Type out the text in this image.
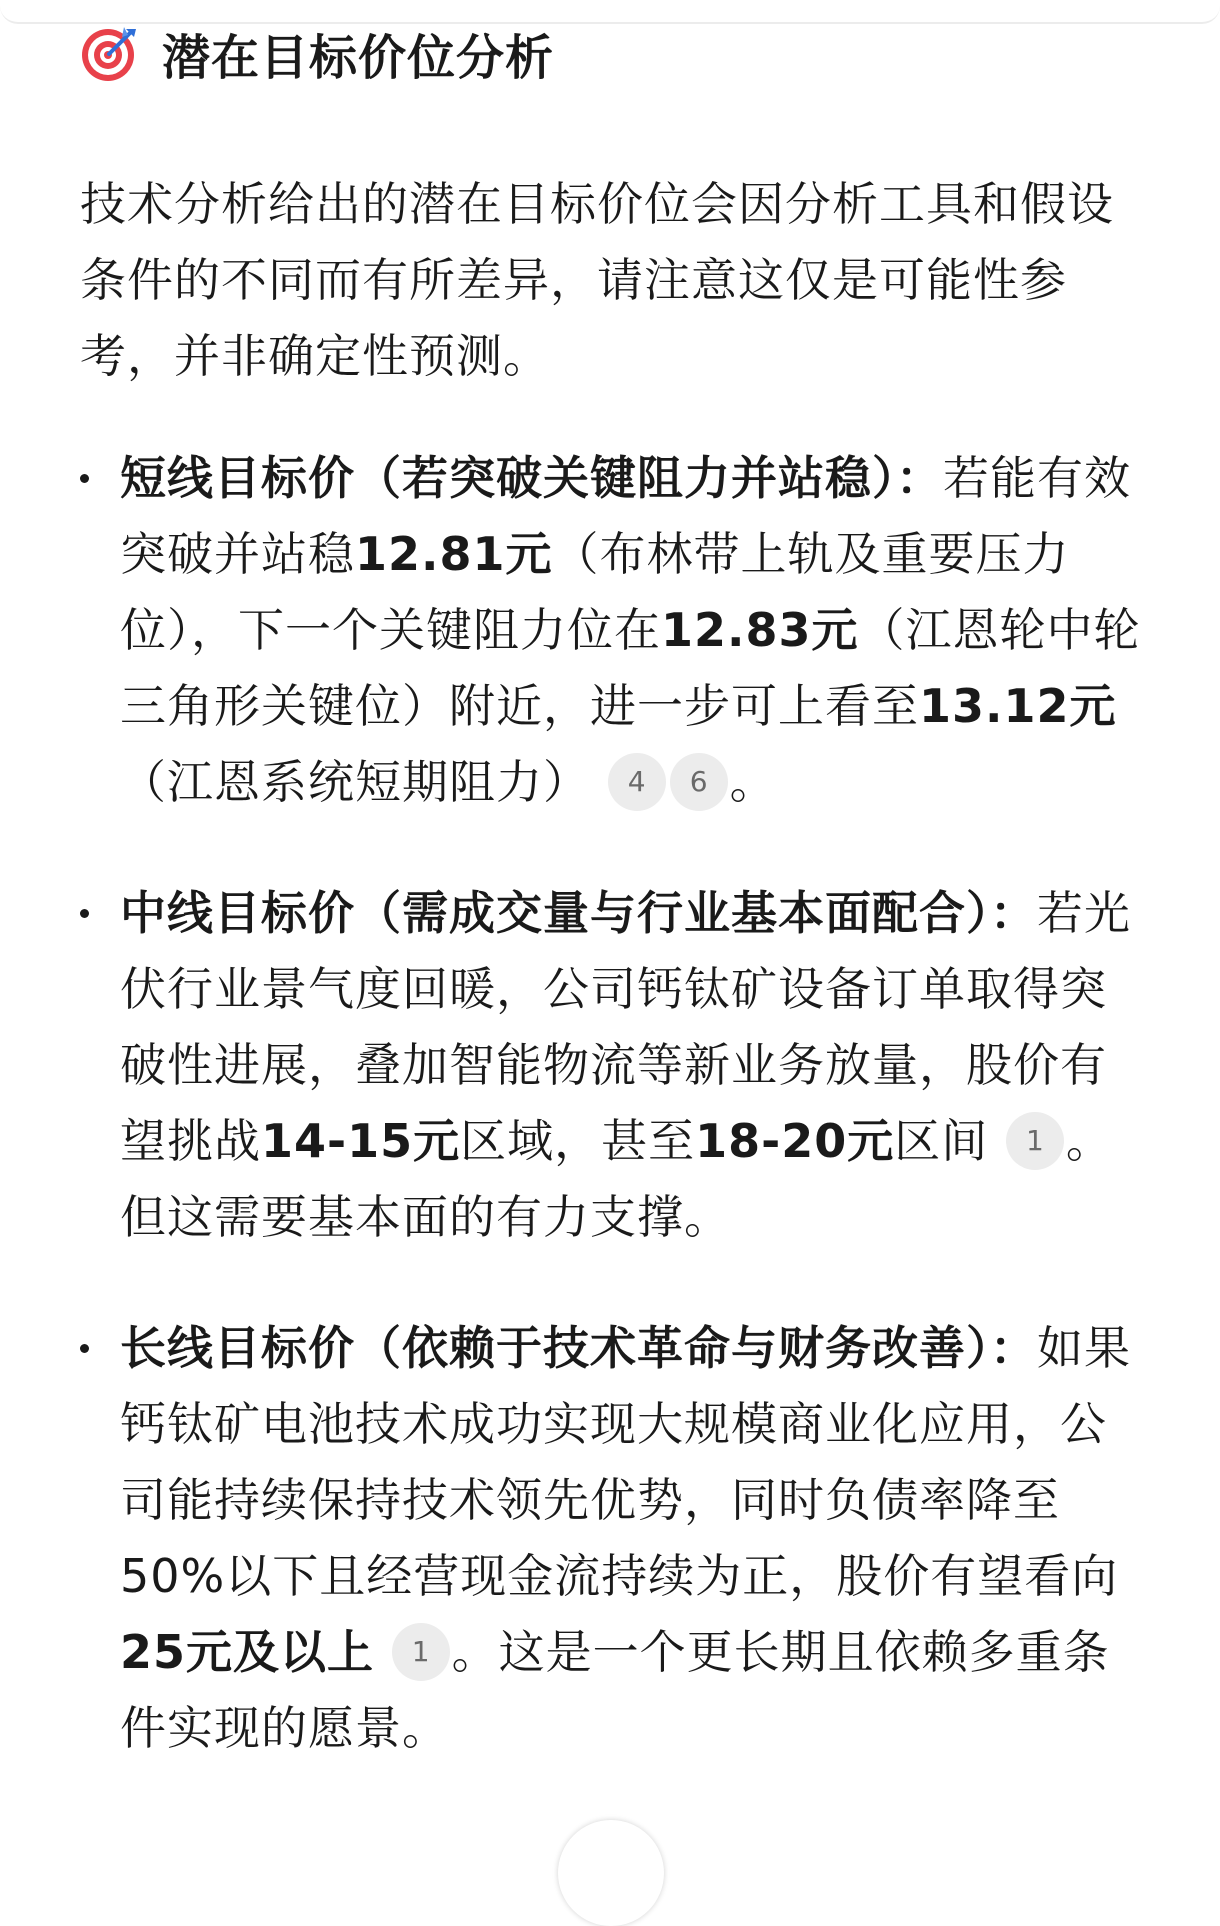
潜在目标价位分析

技术分析给出的潜在目标价位会因分析工具和假设条件的不同而有所差异，请注意这仅是可能性参考，并非确定性预测。

短线目标价（若突破关键阻力并站稳）：若能有效突破并站稳12.81元（布林带上轨及重要压力位），下一个关键阻力位在12.83元（江恩轮中轮三角形关键位）附近，进一步可上看至13.12元（江恩系统短期阻力） 4 6 。
中线目标价（需成交量与行业基本面配合）：若光伏行业景气度回暖，公司钙钛矿设备订单取得突破性进展，叠加智能物流等新业务放量，股价有望挑战14-15元区域，甚至18-20元区间 1 。但这需要基本面的有力支撑。
长线目标价（依赖于技术革命与财务改善）：如果钙钛矿电池技术成功实现大规模商业化应用，公司能持续保持技术领先优势，同时负债率降至50%以下且经营现金流持续为正，股价有望看向25元及以上 1 。这是一个更长期且依赖多重条件实现的愿景。
